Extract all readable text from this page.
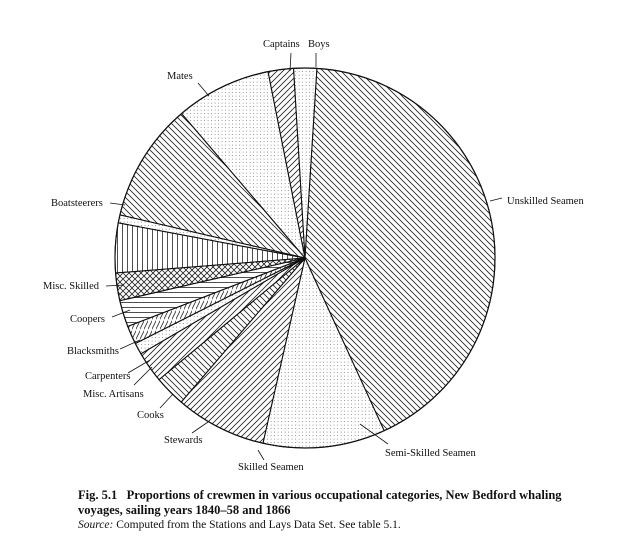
Unskilled Seamen
Semi-Skilled Seamen
Skilled Seamen
Stewards
Cooks
Misc. Artisans
Carpenters
Blacksmiths
Coopers
Misc. Skilled
Boatsteerers
Mates
Captains Boys
Fig. 5.1 Proportions of crewmen in various occupational categories, New Bedford whaling voyages, sailing years 1840–58 and 1866
Source: Computed from the Stations and Lays Data Set. See table 5.1.
